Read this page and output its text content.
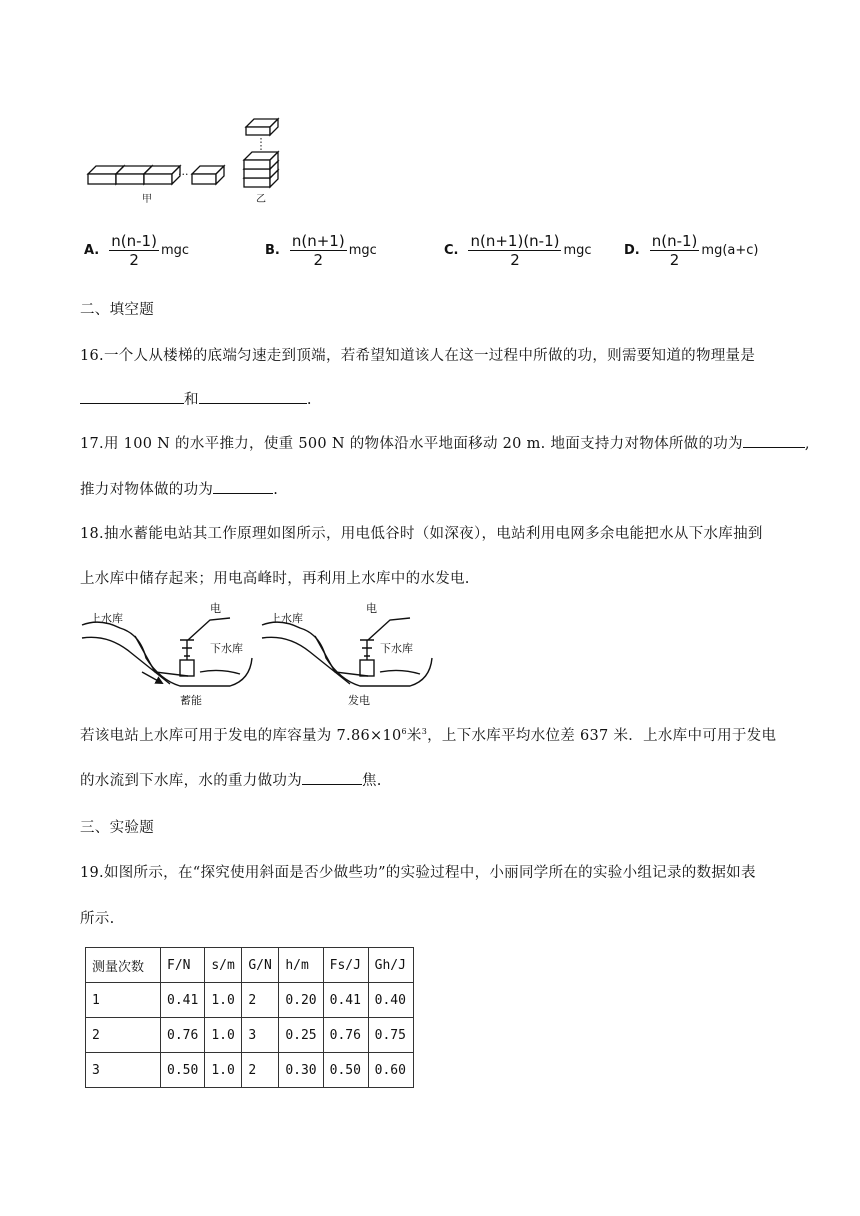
···
甲	乙
A. $\frac{n(n-1)}{2}$ mgc	B. $\frac{n(n+1)}{2}$ mgc	C. $\frac{n(n+1)(n-1)}{2}$ mgc D. $\frac{n(n-1)}{2} mg(a+c)$
二、填空题
16.一个人从楼梯的底端匀速走到顶端，若希望知道该人在这一过程中所做的功，则需要知道的物理量是
和	.
17.用 100 N 的水平推力，使重 500 N 的物体沿水平地面移动 20 m. 地面支持力对物体所做的功为	,
推力对物体做的功为	.
18.抽水蓄能电站其工作原理如图所示，用电低谷时（如深夜），电站利用电网多余电能把水从下水库抽到
上水库中储存起来；用电高峰时，再利用上水库中的水发电.
上水库
电
下水库
蓄能
上水库
电
下水库
发电
若该电站上水库可用于发电的库容量为 $7.86\times 10^6$米$^3$，上下水库平均水位差 637 米．上水库中可用于发电
的水流到下水库，水的重力做功为	焦.
三、实验题
19.如图所示，在“探究使用斜面是否少做些功”的实验过程中，小丽同学所在的实验小组记录的数据如表
所示.
测量次数	F/N	s/m	G/N	h/m	Fs/J	Gh/J
1	0.41	1.0	2	0.20	0.41	0.40
2	0.76	1.0	3	0.25	0.76	0.75
3	0.50	1.0	2	0.30	0.50	0.60
